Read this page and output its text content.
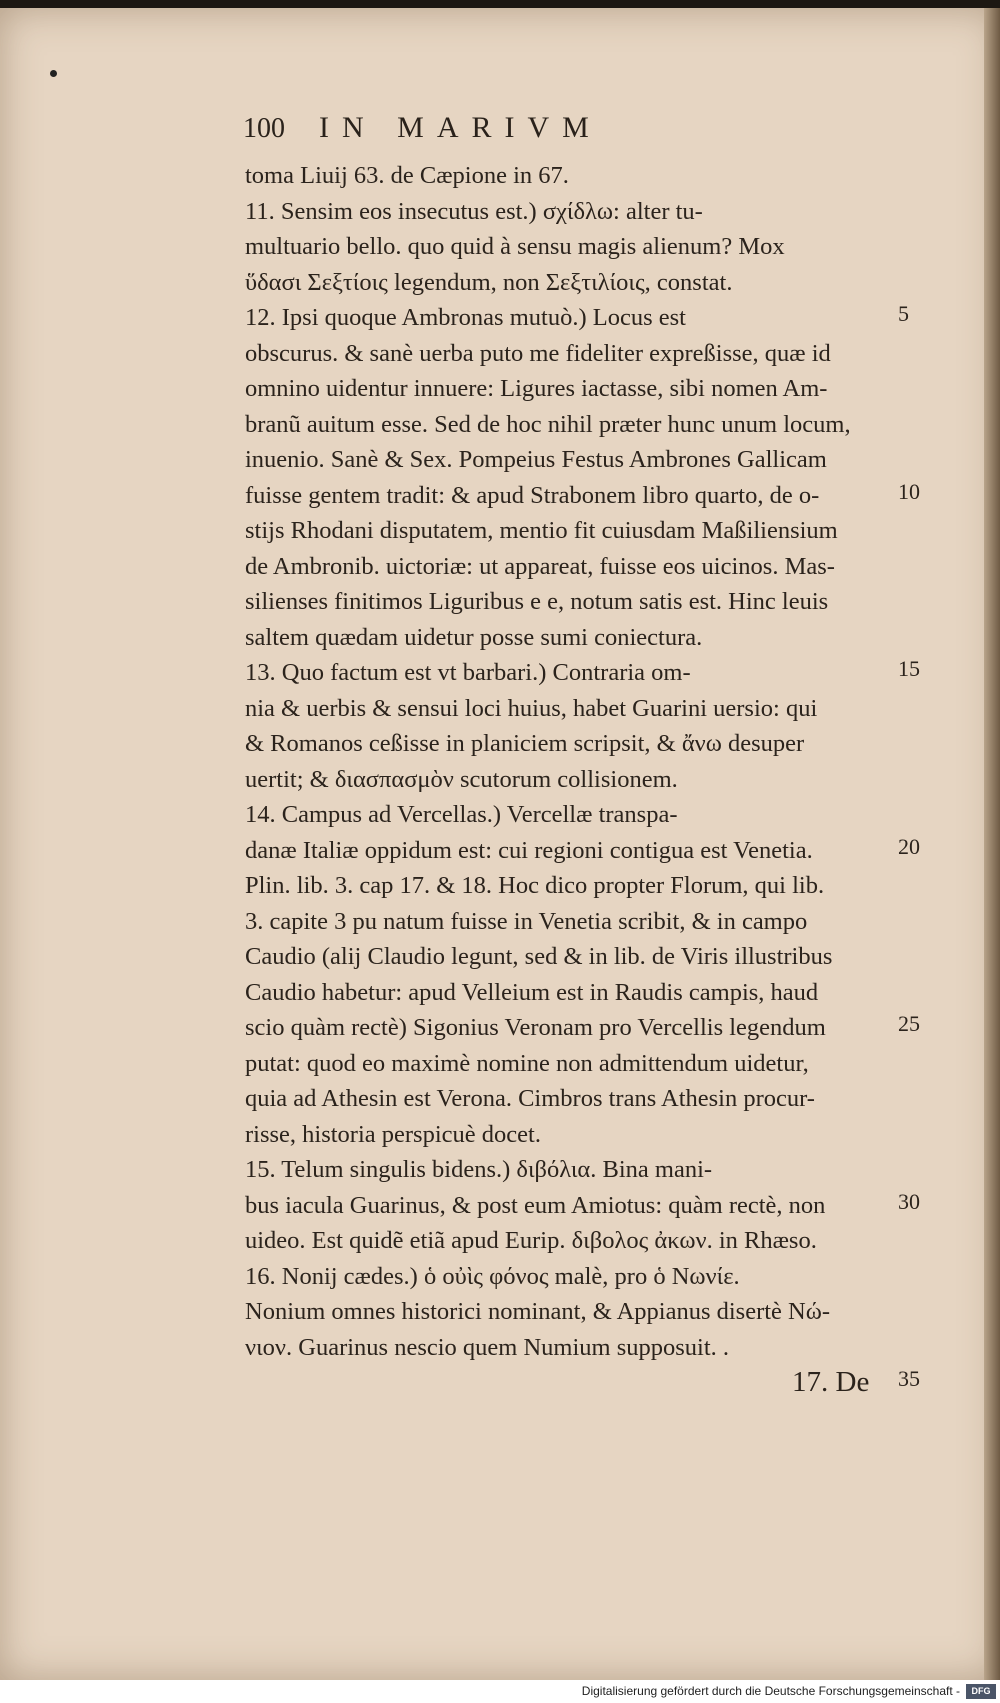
100 IN MARIVM
toma Liuij 63. de Cæpione in 67.
11. Sensim eos insecutus est.) σχίδλω: alter tu-
multuario bello. quo quid à sensu magis alienum? Mox
ὕδασι Σεξτίοις legendum, non Σεξτιλίοις, constat.
12. Ipsi quoque Ambronas mutuò.) Locus est
obscurus. & sanè uerba puto me fideliter expreßisse, quæ id
omnino uidentur innuere: Ligures iactasse, sibi nomen Am-
branũ auitum esse. Sed de hoc nihil præter hunc unum locum,
inuenio. Sanè & Sex. Pompeius Festus Ambrones Gallicam
fuisse gentem tradit: & apud Strabonem libro quarto, de o-
stijs Rhodani disputatem, mentio fit cuiusdam Maßiliensium
de Ambronib. uictoriæ: ut appareat, fuisse eos uicinos. Mas-
silienses finitimos Liguribus e e, notum satis est. Hinc leuis
saltem quædam uidetur posse sumi coniectura.
13. Quo factum est vt barbari.) Contraria om-
nia & uerbis & sensui loci huius, habet Guarini uersio: qui
& Romanos ceßisse in planiciem scripsit, & ἄνω desuper
uertit; & διασπασμὸν scutorum collisionem.
14. Campus ad Vercellas.) Vercellæ transpa-
danæ Italiæ oppidum est: cui regioni contigua est Venetia.
Plin. lib. 3. cap 17. & 18. Hoc dico propter Florum, qui lib.
3. capite 3 pu natum fuisse in Venetia scribit, & in campo
Caudio (alij Claudio legunt, sed & in lib. de Viris illustribus
Caudio habetur: apud Velleium est in Raudis campis, haud
scio quàm rectè) Sigonius Veronam pro Vercellis legendum
putat: quod eo maximè nomine non admittendum uidetur,
quia ad Athesin est Verona. Cimbros trans Athesin procur-
risse, historia perspicuè docet.
15. Telum singulis bidens.) διβόλια. Bina mani-
bus iacula Guarinus, & post eum Amiotus: quàm rectè, non
uideo. Est quidẽ etiã apud Eurip. διβολος ἀκων. in Rhæso.
16. Nonij cædes.) ὁ οὐὶς φόνος malè, pro ὁ Νωνίε.
Nonium omnes historici nominant, & Appianus disertè Νώ-
νιον. Guarinus nescio quem Numium supposuit. .
17. De
5
10
15
20
25
30
35
Digitalisierung gefördert durch die Deutsche Forschungsgemeinschaft -	DFG
